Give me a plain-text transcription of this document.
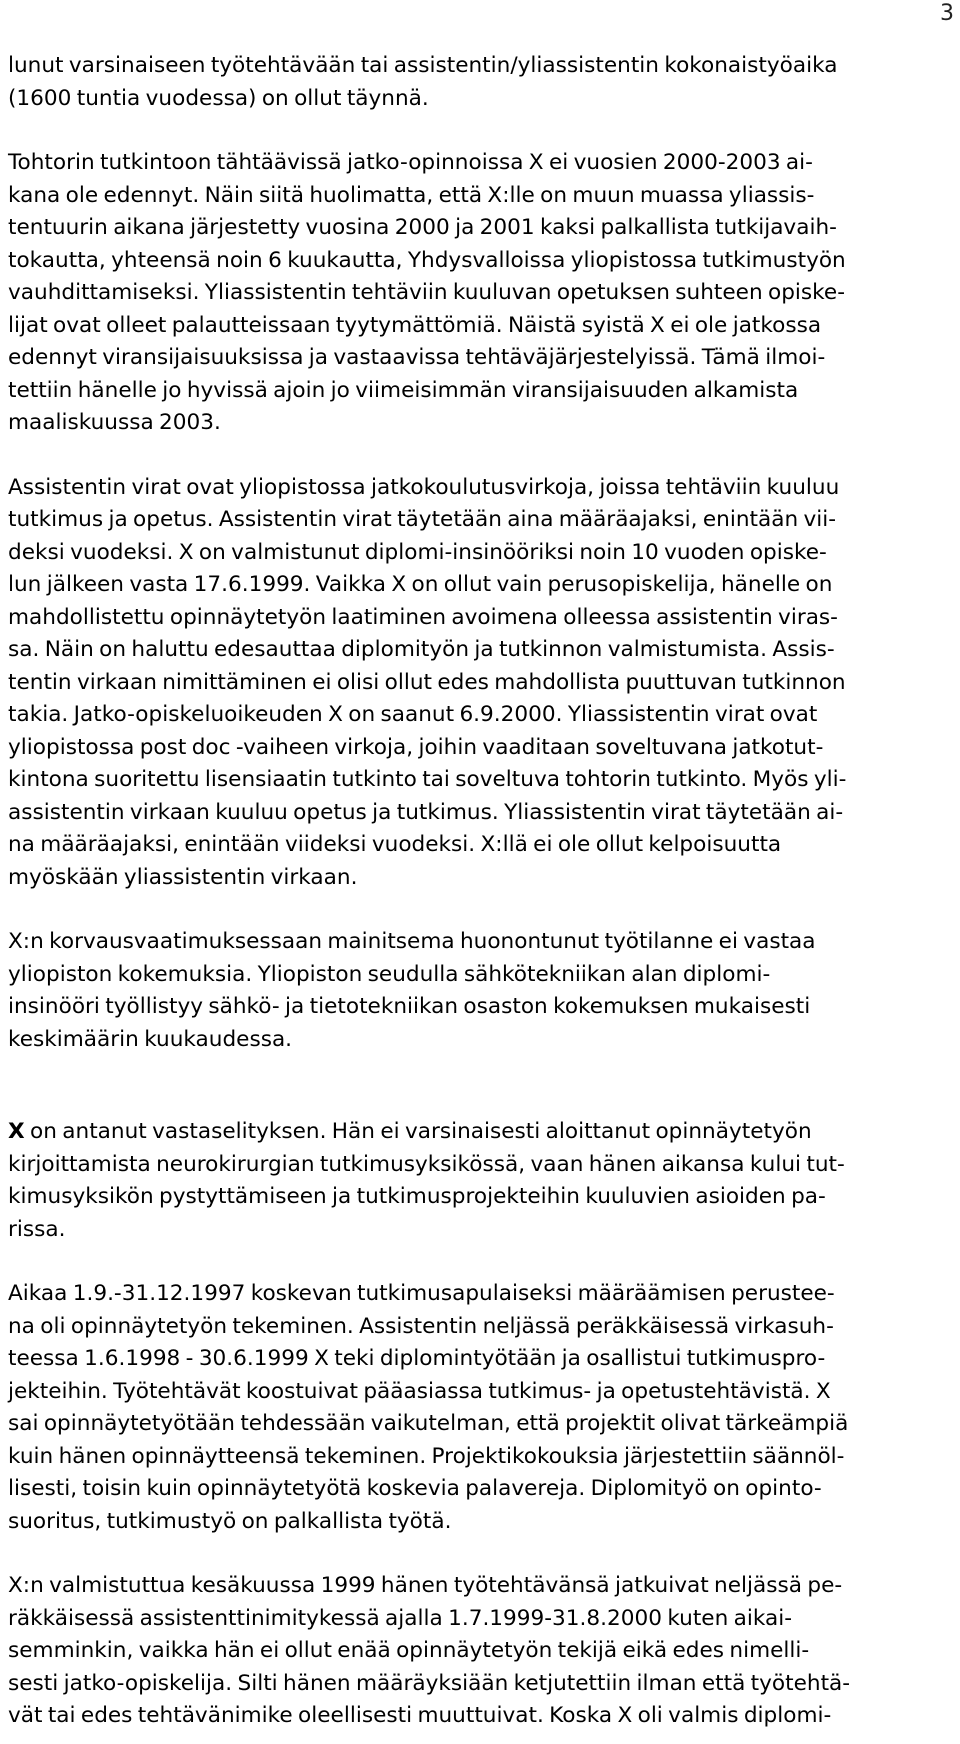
3

lunut varsinaiseen työtehtävään tai assistentin/yliassistentin kokonaistyöaika
(1600 tuntia vuodessa) on ollut täynnä.

Tohtorin tutkintoon tähtäävissä jatko-opinnoissa X ei vuosien 2000-2003 ai-
kana ole edennyt. Näin siitä huolimatta, että X:lle on muun muassa yliassis-
tentuurin aikana järjestetty vuosina 2000 ja 2001 kaksi palkallista tutkijavaih-
tokautta, yhteensä noin 6 kuukautta, Yhdysvalloissa yliopistossa tutkimustyön
vauhdittamiseksi. Yliassistentin tehtäviin kuuluvan opetuksen suhteen opiske-
lijat ovat olleet palautteissaan tyytymättömiä. Näistä syistä X ei ole jatkossa
edennyt viransijaisuuksissa ja vastaavissa tehtäväjärjestelyissä. Tämä ilmoi-
tettiin hänelle jo hyvissä ajoin jo viimeisimmän viransijaisuuden alkamista
maaliskuussa 2003.

Assistentin virat ovat yliopistossa jatkokoulutusvirkoja, joissa tehtäviin kuuluu
tutkimus ja opetus. Assistentin virat täytetään aina määräajaksi, enintään vii-
deksi vuodeksi. X on valmistunut diplomi-insinööriksi noin 10 vuoden opiske-
lun jälkeen vasta 17.6.1999. Vaikka X on ollut vain perusopiskelija, hänelle on
mahdollistettu opinnäytetyön laatiminen avoimena olleessa assistentin viras-
sa. Näin on haluttu edesauttaa diplomityön ja tutkinnon valmistumista. Assis-
tentin virkaan nimittäminen ei olisi ollut edes mahdollista puuttuvan tutkinnon
takia. Jatko-opiskeluoikeuden X on saanut 6.9.2000. Yliassistentin virat ovat
yliopistossa post doc -vaiheen virkoja, joihin vaaditaan soveltuvana jatkotut-
kintona suoritettu lisensiaatin tutkinto tai soveltuva tohtorin tutkinto. Myös yli-
assistentin virkaan kuuluu opetus ja tutkimus. Yliassistentin virat täytetään ai-
na määräajaksi, enintään viideksi vuodeksi. X:llä ei ole ollut kelpoisuutta
myöskään yliassistentin virkaan.

X:n korvausvaatimuksessaan mainitsema huonontunut työtilanne ei vastaa
yliopiston kokemuksia. Yliopiston seudulla sähkötekniikan alan diplomi-
insinööri työllistyy sähkö- ja tietotekniikan osaston kokemuksen mukaisesti
keskimäärin kuukaudessa.

X on antanut vastaselityksen. Hän ei varsinaisesti aloittanut opinnäytetyön
kirjoittamista neurokirurgian tutkimusyksikössä, vaan hänen aikansa kului tut-
kimusyksikön pystyttämiseen ja tutkimusprojekteihin kuuluvien asioiden pa-
rissa.

Aikaa 1.9.-31.12.1997 koskevan tutkimusapulaiseksi määräämisen perustee-
na oli opinnäytetyön tekeminen. Assistentin neljässä peräkkäisessä virkasuh-
teessa 1.6.1998 - 30.6.1999 X teki diplomintyötään ja osallistui tutkimuspro-
jekteihin. Työtehtävät koostuivat pääasiassa tutkimus- ja opetustehtävistä. X
sai opinnäytetyötään tehdessään vaikutelman, että projektit olivat tärkeämpiä
kuin hänen opinnäytteensä tekeminen. Projektikokouksia järjestettiin säännöl-
lisesti, toisin kuin opinnäytetyötä koskevia palavereja. Diplomityö on opinto-
suoritus, tutkimustyö on palkallista työtä.

X:n valmistuttua kesäkuussa 1999 hänen työtehtävänsä jatkuivat neljässä pe-
räkkäisessä assistenttinimitykessä ajalla 1.7.1999-31.8.2000 kuten aikai-
semminkin, vaikka hän ei ollut enää opinnäytetyön tekijä eikä edes nimelli-
sesti jatko-opiskelija. Silti hänen määräyksiään ketjutettiin ilman että työtehtä-
vät tai edes tehtävänimike oleellisesti muuttuivat. Koska X oli valmis diplomi-
